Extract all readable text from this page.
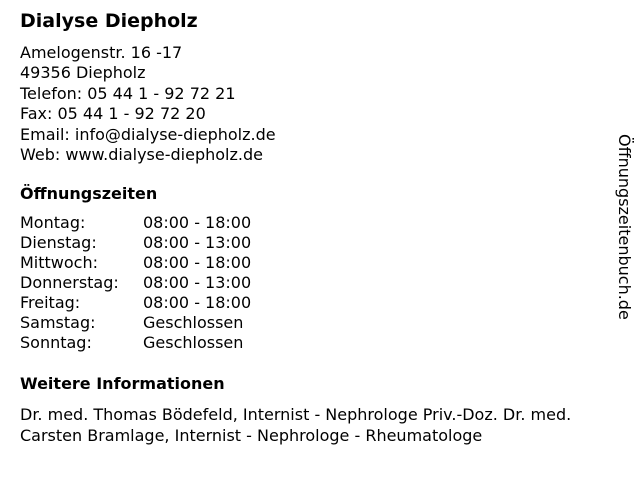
Dialyse Diepholz
Amelogenstr. 16 -17
49356 Diepholz
Telefon: 05 44 1 - 92 72 21
Fax: 05 44 1 - 92 72 20
Email: info@dialyse-diepholz.de
Web: www.dialyse-diepholz.de
Öffnungszeiten
Montag:	08:00 - 18:00
Dienstag:	08:00 - 13:00
Mittwoch:	08:00 - 18:00
Donnerstag: 08:00 - 13:00
Freitag:	08:00 - 18:00
Samstag:	Geschlossen
Sonntag:	Geschlossen
Weitere Informationen
Dr. med. Thomas Bödefeld, Internist - Nephrologe Priv.-Doz. Dr. med. Carsten Bramlage, Internist - Nephrologe - Rheumatologe
Öffnungszeitenbuch.de
